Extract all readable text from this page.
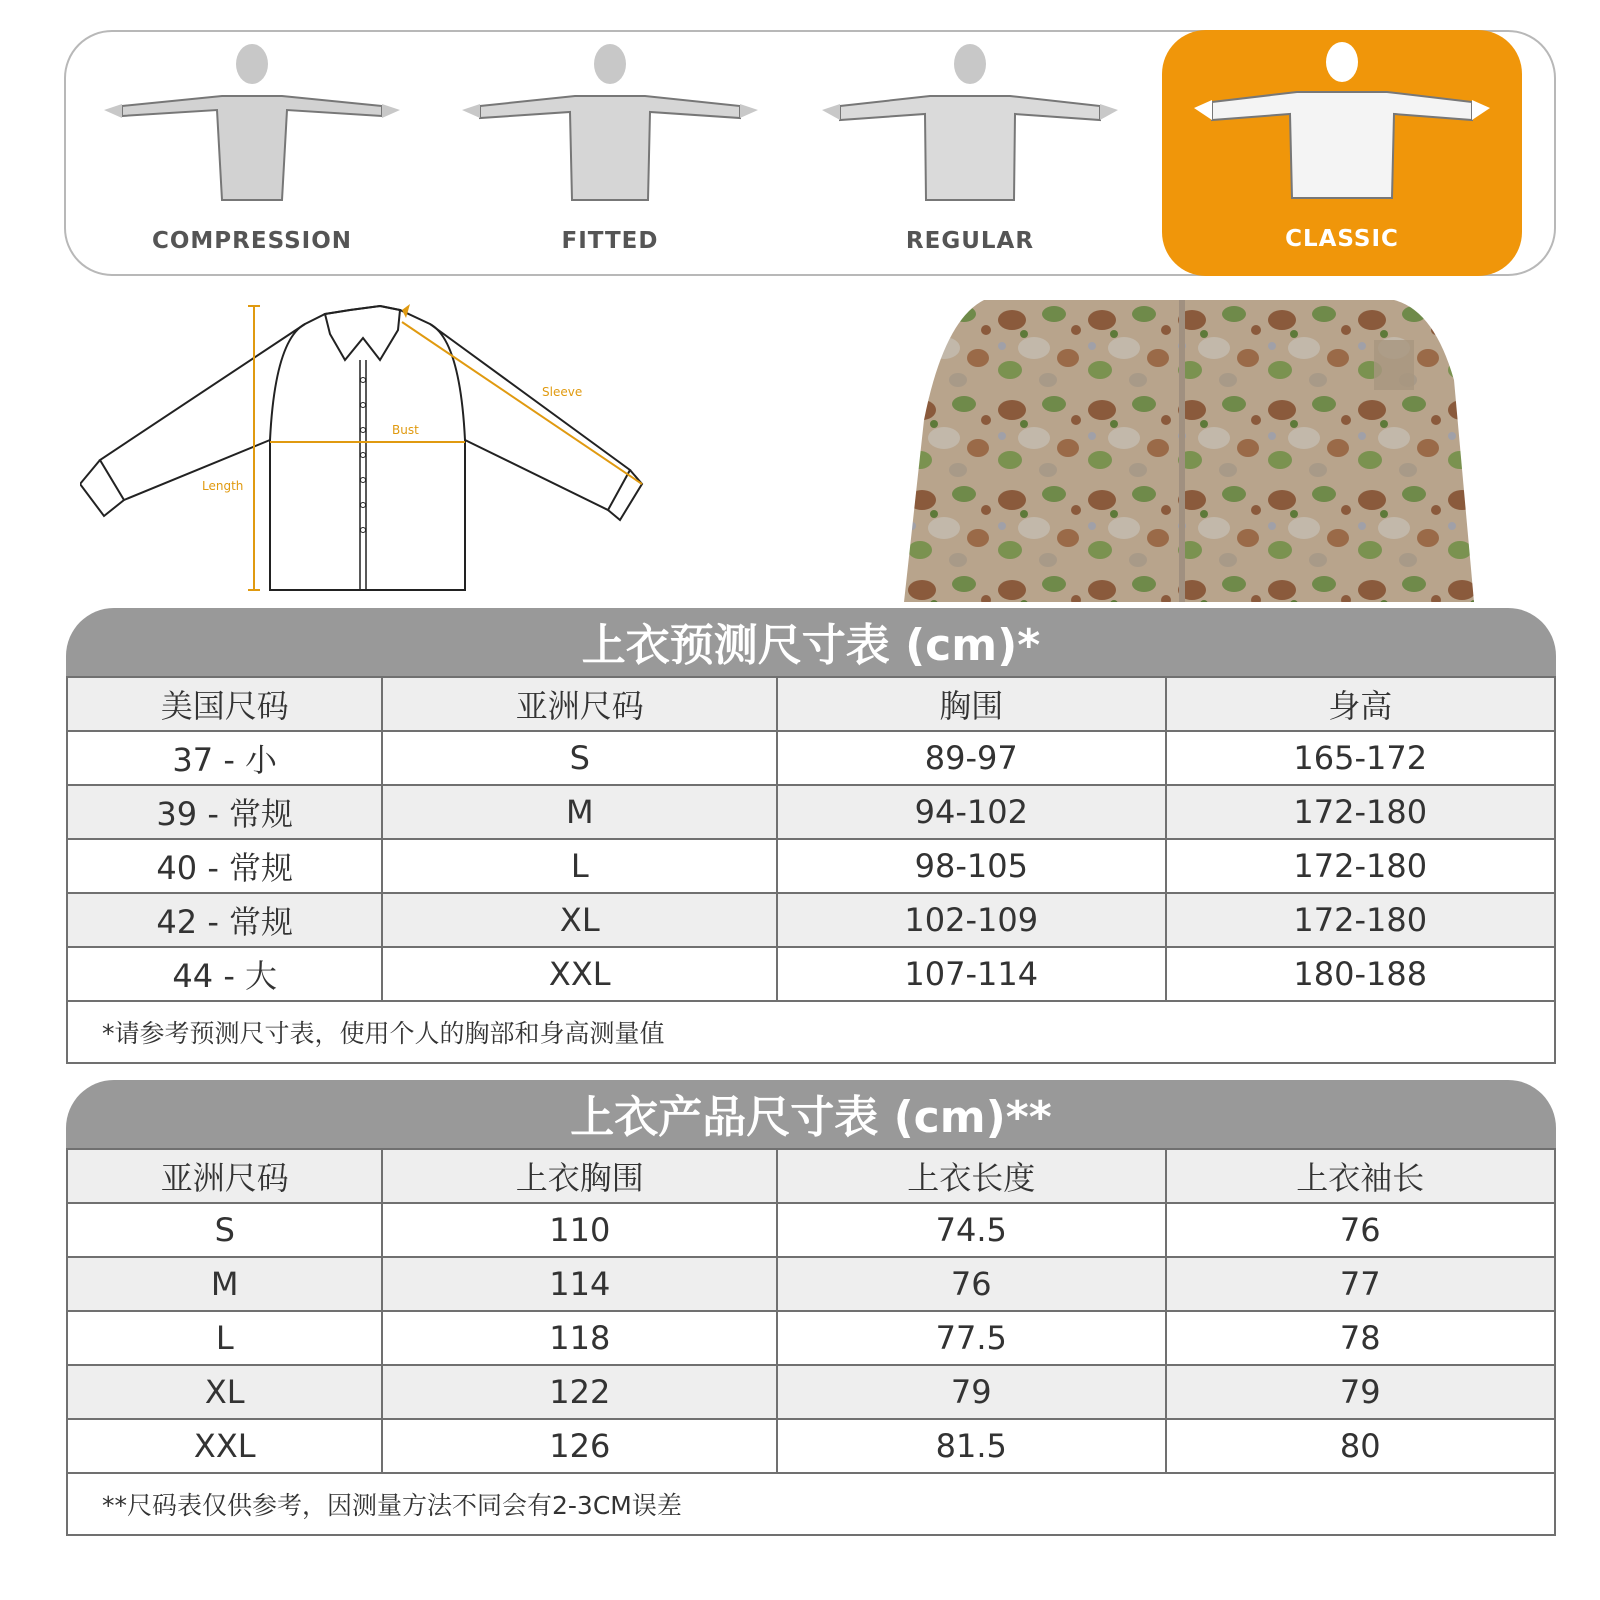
COMPRESSION	FITTED	REGULAR	CLASSIC
Sleeve
Bust
Length
上衣预测尺寸表 (cm)*
美国尺码	亚洲尺码	胸围	身高
37 - 小	S	89-97	165-172
39 - 常规	M	94-102	172-180
40 - 常规	L	98-105	172-180
42 - 常规	XL	102-109	172-180
44 - 大	XXL	107-114	180-188
*请参考预测尺寸表，使用个人的胸部和身高测量值			
上衣产品尺寸表 (cm)**
亚洲尺码	上衣胸围	上衣长度	上衣袖长
S	110	74.5	76
M	114	76	77
L	118	77.5	78
XL	122	79	79
XXL	126	81.5	80
**尺码表仅供参考，因测量方法不同会有2-3CM误差			
